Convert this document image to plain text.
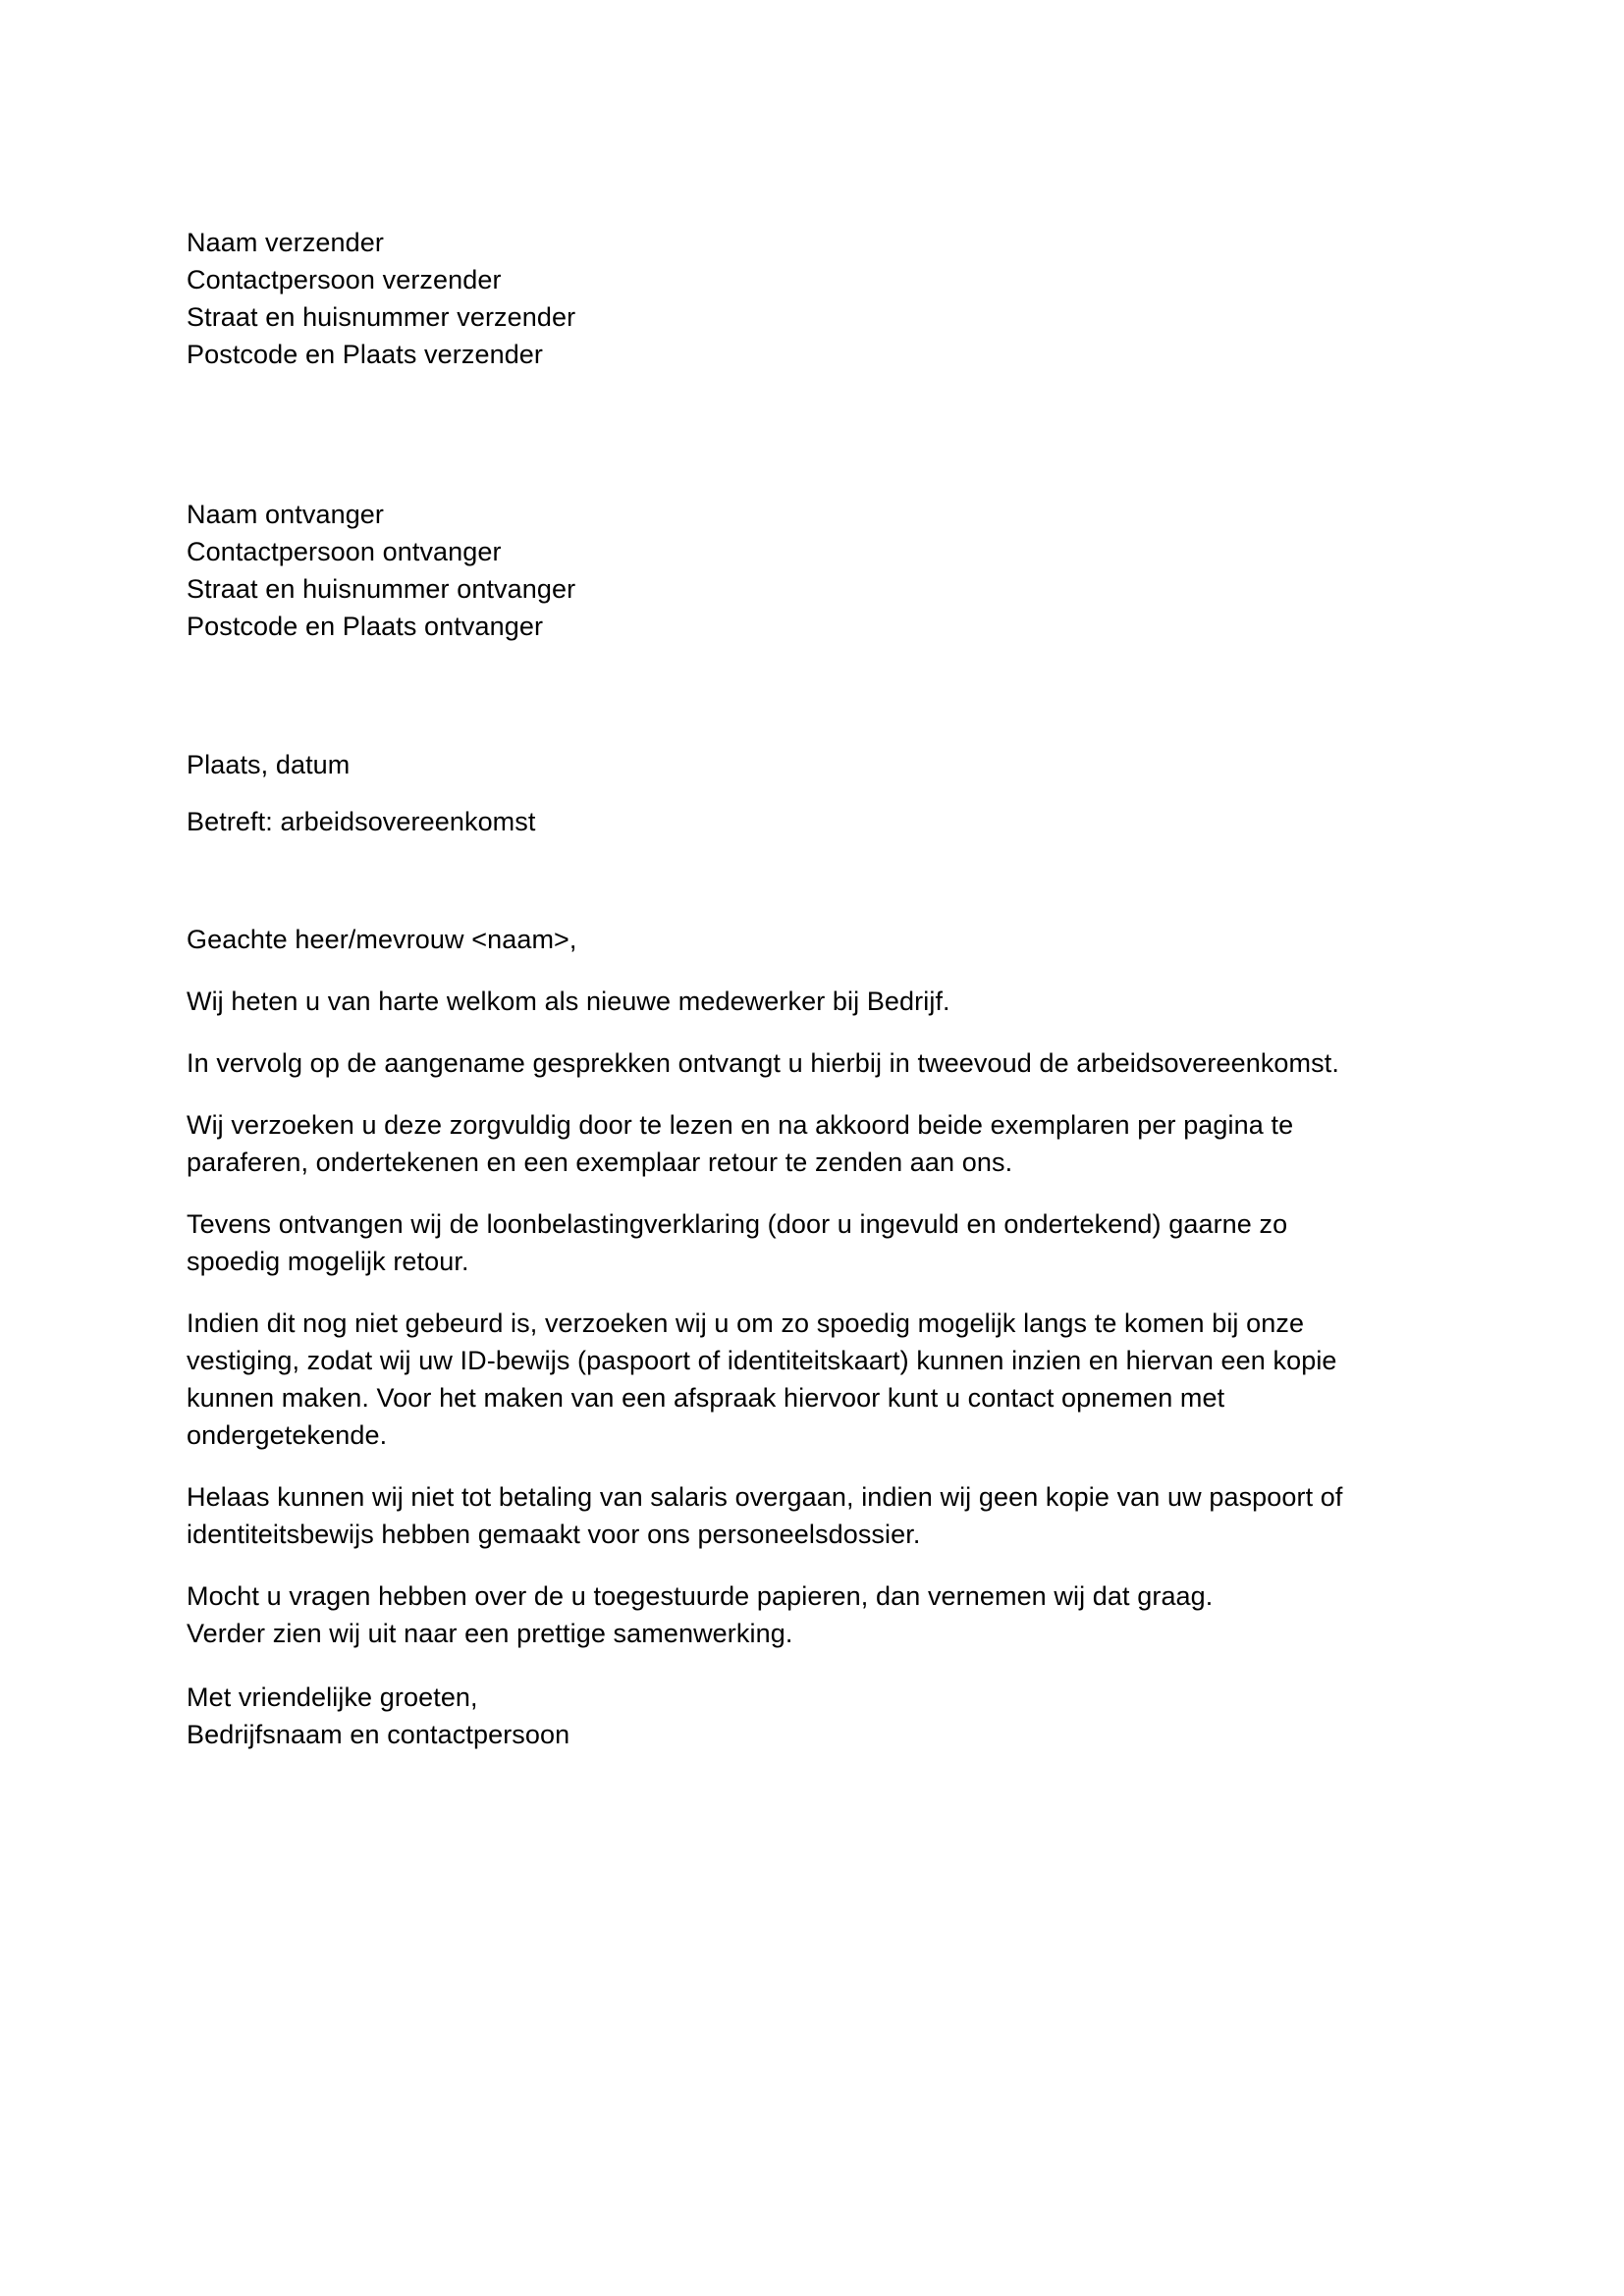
Naam verzender
Contactpersoon verzender
Straat en huisnummer verzender
Postcode en Plaats verzender
Naam ontvanger
Contactpersoon ontvanger
Straat en huisnummer ontvanger
Postcode en Plaats ontvanger
Plaats, datum
Betreft: arbeidsovereenkomst
Geachte heer/mevrouw <naam>,
Wij heten u van harte welkom als nieuwe medewerker bij Bedrijf.
In vervolg op de aangename gesprekken ontvangt u hierbij in tweevoud de arbeidsovereenkomst.
Wij verzoeken u deze zorgvuldig door te lezen en na akkoord beide exemplaren per pagina te
paraferen, ondertekenen en een exemplaar retour te zenden aan ons.
Tevens ontvangen wij de loonbelastingverklaring (door u ingevuld en ondertekend) gaarne zo
spoedig mogelijk retour.
Indien dit nog niet gebeurd is, verzoeken wij u om zo spoedig mogelijk langs te komen bij onze
vestiging, zodat wij uw ID-bewijs (paspoort of identiteitskaart) kunnen inzien en hiervan een kopie
kunnen maken. Voor het maken van een afspraak hiervoor kunt u contact opnemen met
ondergetekende.
Helaas kunnen wij niet tot betaling van salaris overgaan, indien wij geen kopie van uw paspoort of
identiteitsbewijs hebben gemaakt voor ons personeelsdossier.
Mocht u vragen hebben over de u toegestuurde papieren, dan vernemen wij dat graag.
Verder zien wij uit naar een prettige samenwerking.
Met vriendelijke groeten,
Bedrijfsnaam en contactpersoon
